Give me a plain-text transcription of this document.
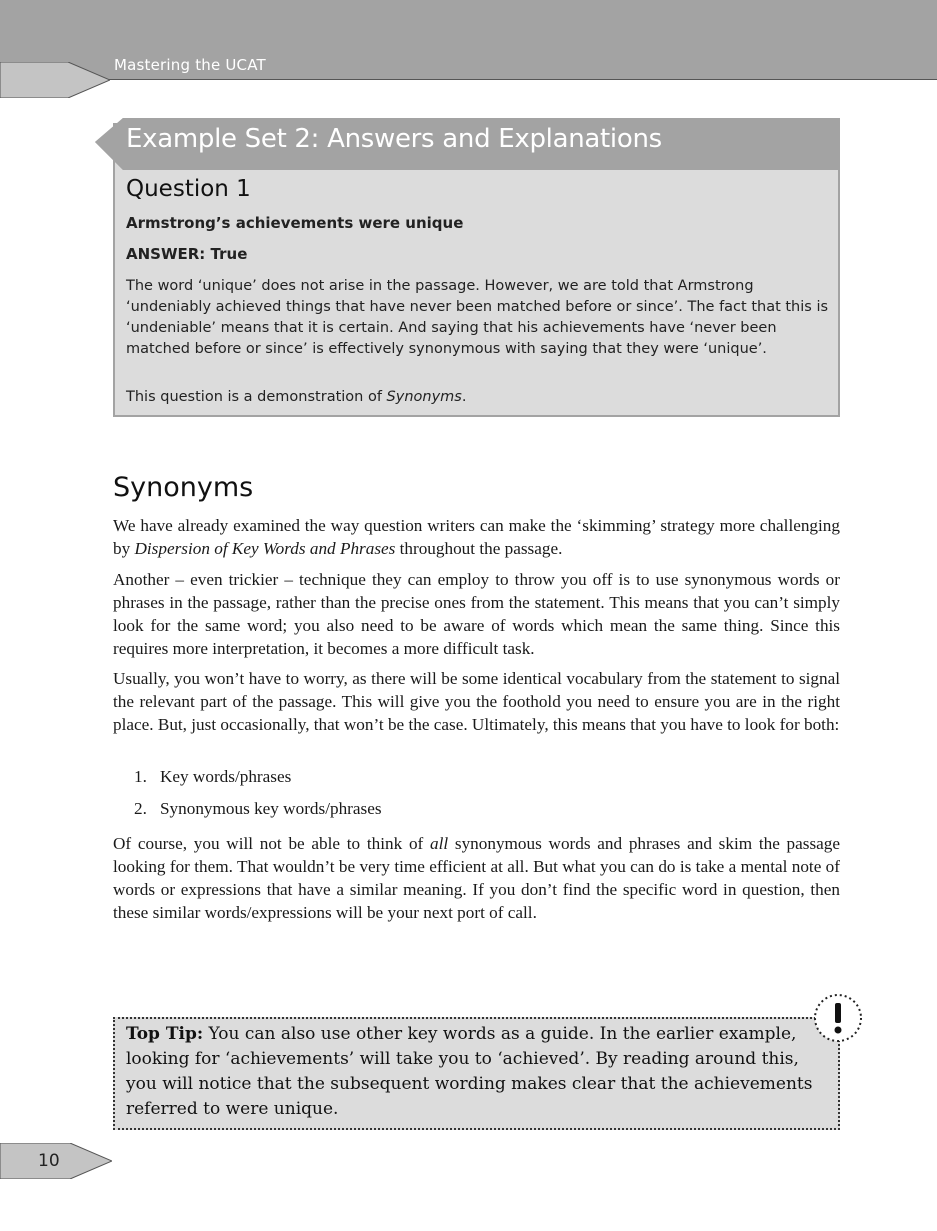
Mastering the UCAT
Example Set 2: Answers and Explanations
Question 1
Armstrong’s achievements were unique
ANSWER: True
The word ‘unique’ does not arise in the passage. However, we are told that Armstrong ‘undeniably achieved things that have never been matched before or since’. The fact that this is ‘undeniable’ means that it is certain. And saying that his achievements have ‘never been matched before or since’ is effectively synonymous with saying that they were ‘unique’.
This question is a demonstration of Synonyms.
Synonyms
We have already examined the way question writers can make the ‘skimming’ strategy more challenging by Dispersion of Key Words and Phrases throughout the passage.
Another – even trickier – technique they can employ to throw you off is to use synonymous words or phrases in the passage, rather than the precise ones from the statement. This means that you can’t simply look for the same word; you also need to be aware of words which mean the same thing. Since this requires more interpretation, it becomes a more difficult task.
Usually, you won’t have to worry, as there will be some identical vocabulary from the statement to signal the relevant part of the passage. This will give you the foothold you need to ensure you are in the right place. But, just occasionally, that won’t be the case. Ultimately, this means that you have to look for both:
1. Key words/phrases
2. Synonymous key words/phrases
Of course, you will not be able to think of all synonymous words and phrases and skim the passage looking for them. That wouldn’t be very time efficient at all. But what you can do is take a mental note of words or expressions that have a similar meaning. If you don’t find the specific word in question, then these similar words/expressions will be your next port of call.
Top Tip: You can also use other key words as a guide. In the earlier example, looking for ‘achievements’ will take you to ‘achieved’. By reading around this, you will notice that the subsequent wording makes clear that the achievements referred to were unique.
10
